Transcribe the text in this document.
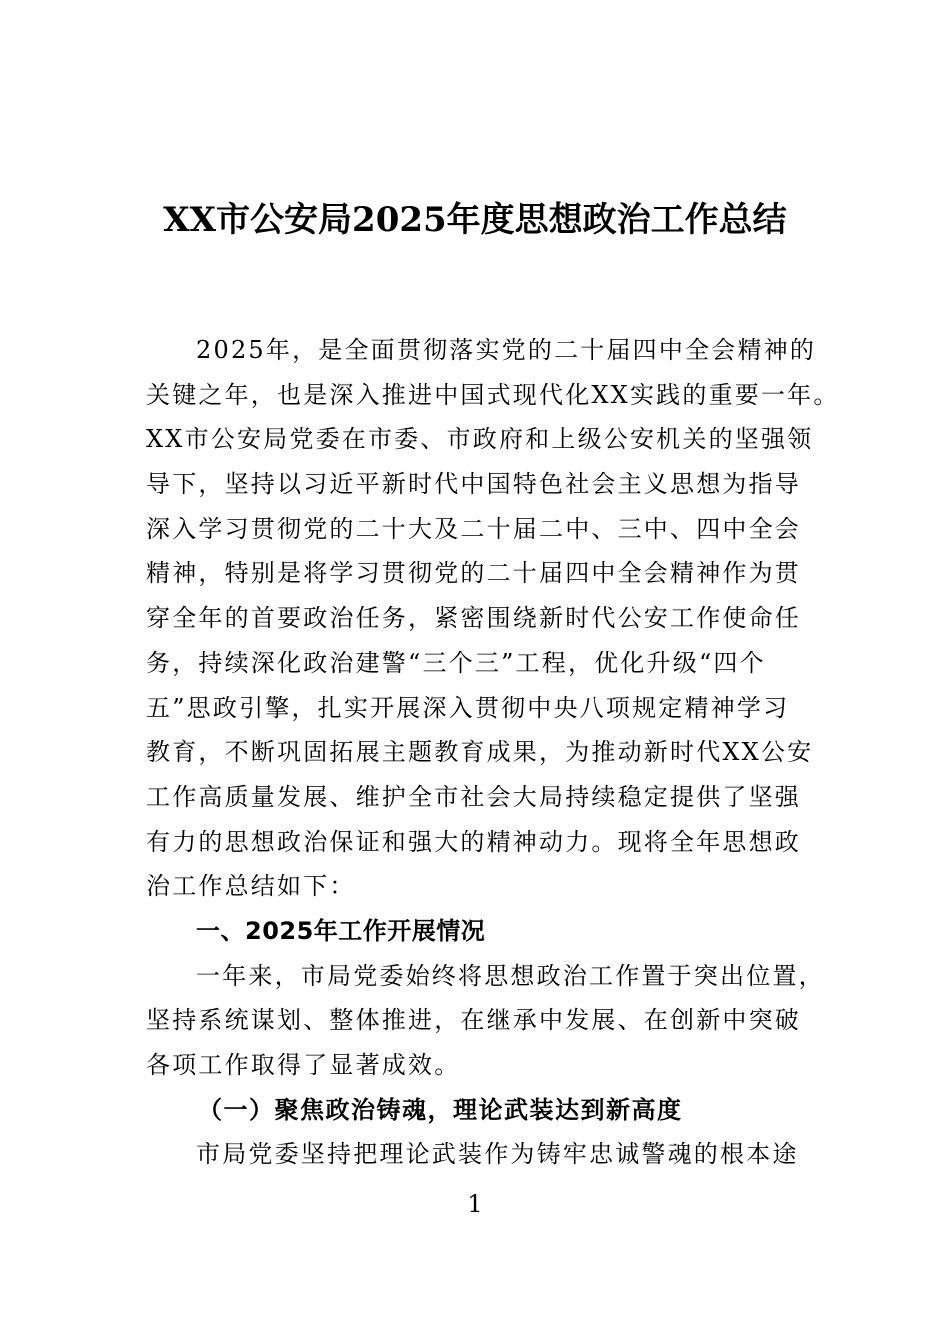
XX市公安局2025年度思想政治工作总结
2025年，是全面贯彻落实党的二十届四中全会精神的
关键之年，也是深入推进中国式现代化XX实践的重要一年。
XX市公安局党委在市委、市政府和上级公安机关的坚强领
导下，坚持以习近平新时代中国特色社会主义思想为指导
深入学习贯彻党的二十大及二十届二中、三中、四中全会
精神，特别是将学习贯彻党的二十届四中全会精神作为贯
穿全年的首要政治任务，紧密围绕新时代公安工作使命任
务，持续深化政治建警“三个三”工程，优化升级“四个
五”思政引擎，扎实开展深入贯彻中央八项规定精神学习
教育，不断巩固拓展主题教育成果，为推动新时代XX公安
工作高质量发展、维护全市社会大局持续稳定提供了坚强
有力的思想政治保证和强大的精神动力。现将全年思想政
治工作总结如下：
一、2025年工作开展情况
一年来，市局党委始终将思想政治工作置于突出位置，
坚持系统谋划、整体推进，在继承中发展、在创新中突破
各项工作取得了显著成效。
（一）聚焦政治铸魂，理论武装达到新高度
市局党委坚持把理论武装作为铸牢忠诚警魂的根本途
1
